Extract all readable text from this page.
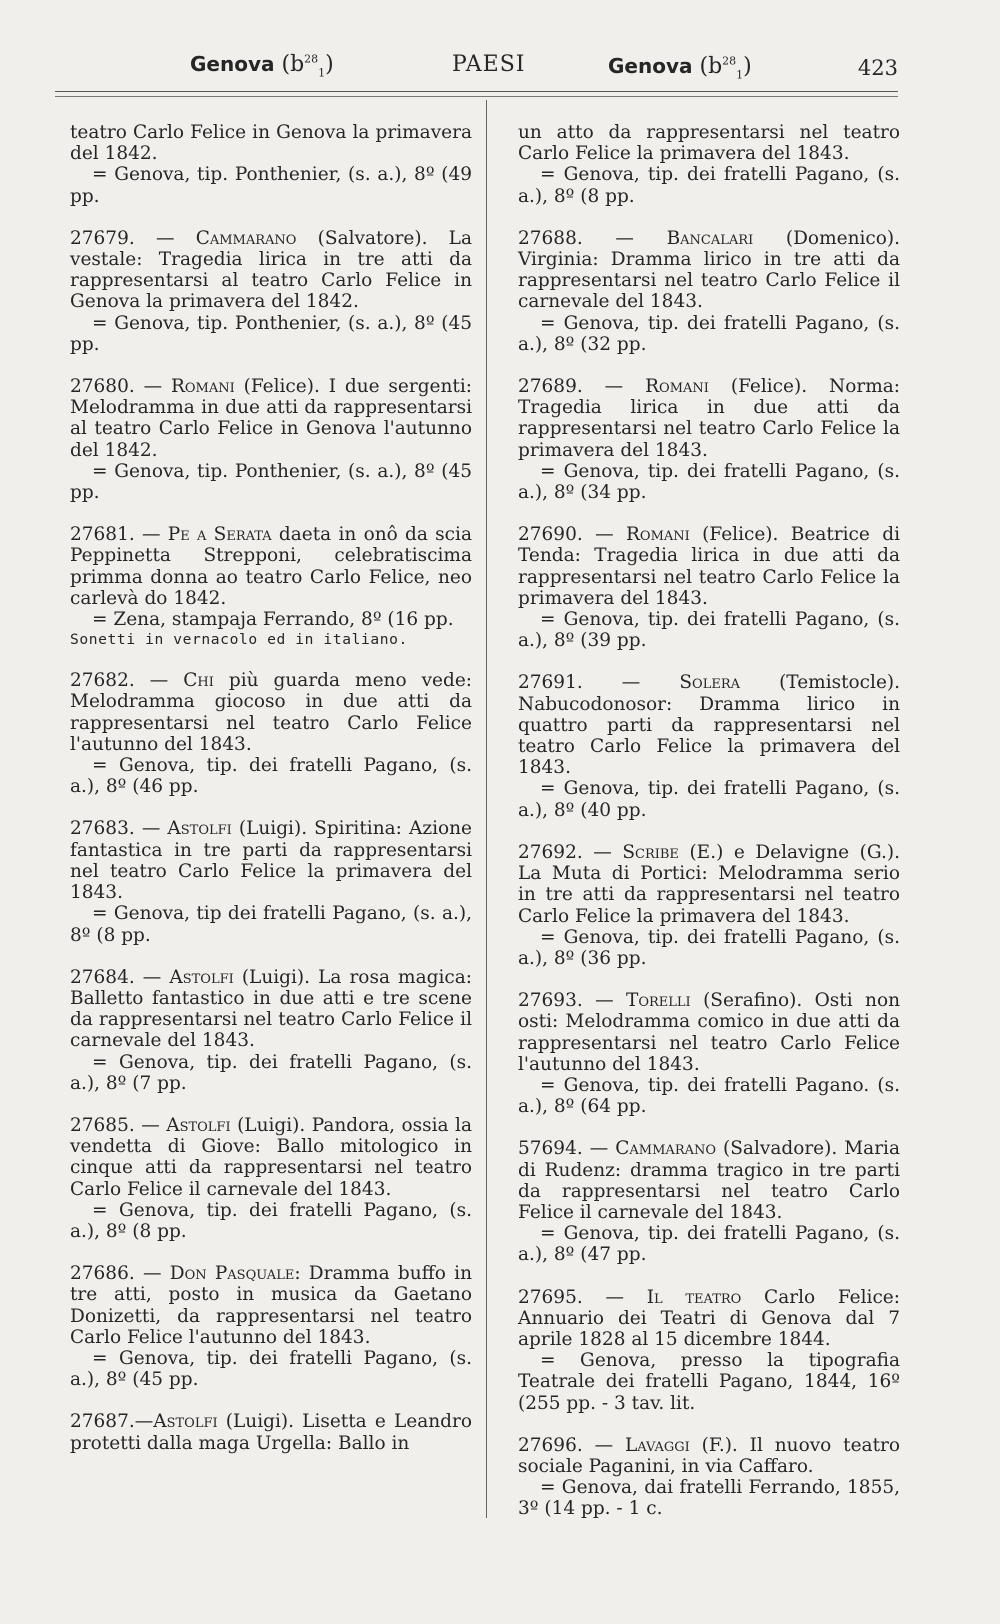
Genova $(b^{28}_1)$	PAESI	Genova $(b^{28}_1)$	423

teatro Carlo Felice in Genova la primavera del 1842.

= Genova, tip. Ponthenier, (s. a.), 8º (49 pp.

27679. — Cammarano (Salvatore). La vestale: Tragedia lirica in tre atti da rappresentarsi al teatro Carlo Felice in Genova la primavera del 1842.

= Genova, tip. Ponthenier, (s. a.), 8º (45 pp.

27680. — Romani (Felice). I due sergenti: Melodramma in due atti da rappresentarsi al teatro Carlo Felice in Genova l'autunno del 1842.

= Genova, tip. Ponthenier, (s. a.), 8º (45 pp.

27681. — Pe a Serata daeta in onô da scia Peppinetta Strepponi, celebratiscima primma donna ao teatro Carlo Felice, neo carlevà do 1842.

= Zena, stampaja Ferrando, 8º (16 pp.

Sonetti in vernacolo ed in italiano.

27682. — Chi più guarda meno vede: Melodramma giocoso in due atti da rappresentarsi nel teatro Carlo Felice l'autunno del 1843.

= Genova, tip. dei fratelli Pagano, (s. a.), 8º (46 pp.

27683. — Astolfi (Luigi). Spiritina: Azione fantastica in tre parti da rappresentarsi nel teatro Carlo Felice la primavera del 1843.

= Genova, tip dei fratelli Pagano, (s. a.), 8º (8 pp.

27684. — Astolfi (Luigi). La rosa magica: Balletto fantastico in due atti e tre scene da rappresentarsi nel teatro Carlo Felice il carnevale del 1843.

= Genova, tip. dei fratelli Pagano, (s. a.), 8º (7 pp.

27685. — Astolfi (Luigi). Pandora, ossia la vendetta di Giove: Ballo mitologico in cinque atti da rappresentarsi nel teatro Carlo Felice il carnevale del 1843.

= Genova, tip. dei fratelli Pagano, (s. a.), 8º (8 pp.

27686. — Don Pasquale: Dramma buffo in tre atti, posto in musica da Gaetano Donizetti, da rappresentarsi nel teatro Carlo Felice l'autunno del 1843.

= Genova, tip. dei fratelli Pagano, (s. a.), 8º (45 pp.

27687.—Astolfi (Luigi). Lisetta e Leandro protetti dalla maga Urgella: Ballo in

un atto da rappresentarsi nel teatro Carlo Felice la primavera del 1843.

= Genova, tip. dei fratelli Pagano, (s. a.), 8º (8 pp.

27688. — Bancalari (Domenico). Virginia: Dramma lirico in tre atti da rappresentarsi nel teatro Carlo Felice il carnevale del 1843.

= Genova, tip. dei fratelli Pagano, (s. a.), 8º (32 pp.

27689. — Romani (Felice). Norma: Tragedia lirica in due atti da rappresentarsi nel teatro Carlo Felice la primavera del 1843.

= Genova, tip. dei fratelli Pagano, (s. a.), 8º (34 pp.

27690. — Romani (Felice). Beatrice di Tenda: Tragedia lirica in due atti da rappresentarsi nel teatro Carlo Felice la primavera del 1843.

= Genova, tip. dei fratelli Pagano, (s. a.), 8º (39 pp.

27691. — Solera (Temistocle). Nabucodonosor: Dramma lirico in quattro parti da rappresentarsi nel teatro Carlo Felice la primavera del 1843.

= Genova, tip. dei fratelli Pagano, (s. a.), 8º (40 pp.

27692. — Scribe (E.) e Delavigne (G.). La Muta di Portici: Melodramma serio in tre atti da rappresentarsi nel teatro Carlo Felice la primavera del 1843.

= Genova, tip. dei fratelli Pagano, (s. a.), 8º (36 pp.

27693. — Torelli (Serafino). Osti non osti: Melodramma comico in due atti da rappresentarsi nel teatro Carlo Felice l'autunno del 1843.

= Genova, tip. dei fratelli Pagano. (s. a.), 8º (64 pp.

57694. — Cammarano (Salvadore). Maria di Rudenz: dramma tragico in tre parti da rappresentarsi nel teatro Carlo Felice il carnevale del 1843.

= Genova, tip. dei fratelli Pagano, (s. a.), 8º (47 pp.

27695. — Il teatro Carlo Felice: Annuario dei Teatri di Genova dal 7 aprile 1828 al 15 dicembre 1844.

= Genova, presso la tipografia Teatrale dei fratelli Pagano, 1844, 16º (255 pp. - 3 tav. lit.

27696. — Lavaggi (F.). Il nuovo teatro sociale Paganini, in via Caffaro.

= Genova, dai fratelli Ferrando, 1855, 3º (14 pp. - 1 c.
